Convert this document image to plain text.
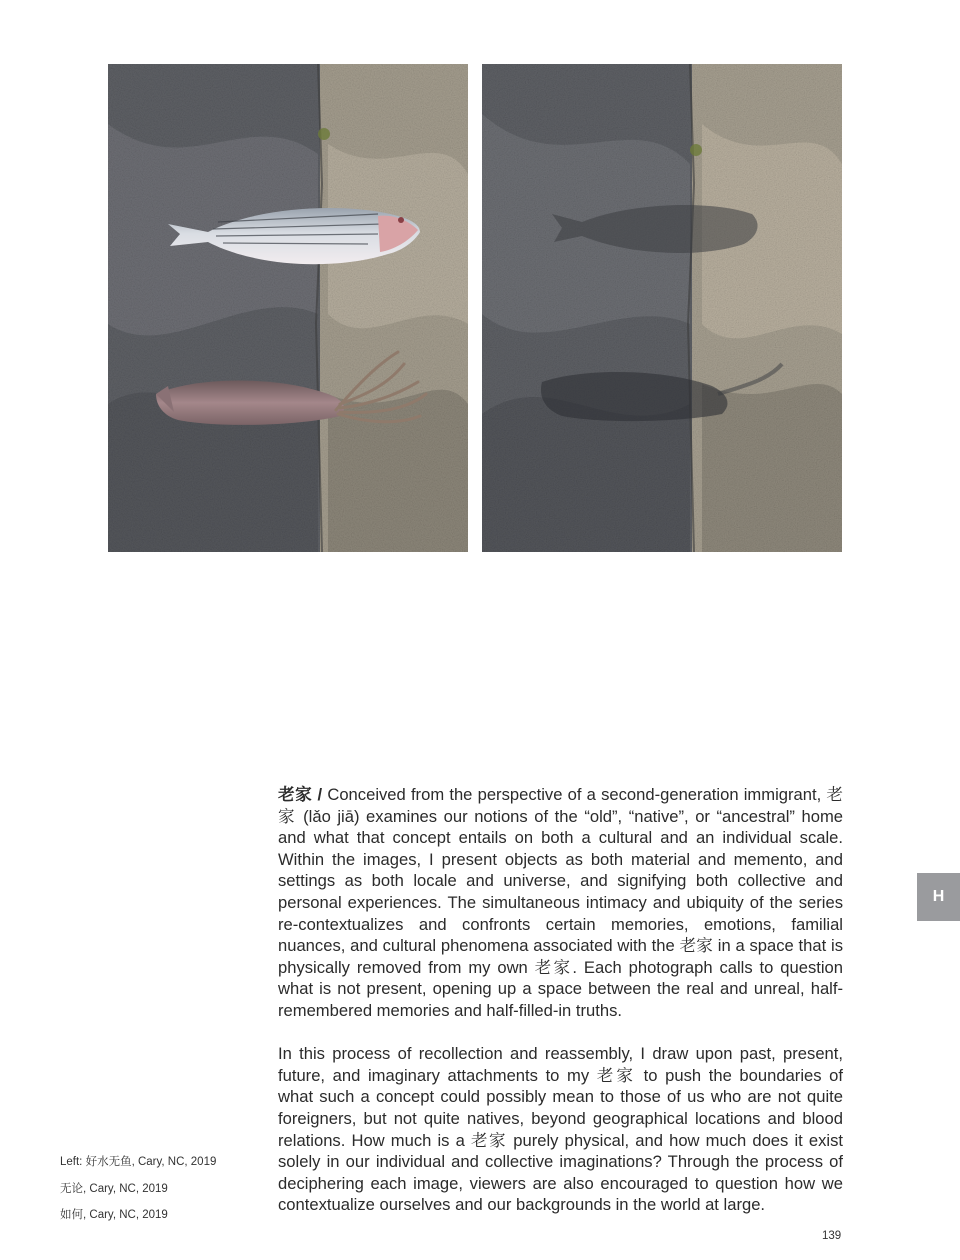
老家 / Conceived from the perspective of a second-generation immigrant, 老家 (lǎo jiā) examines our notions of the “old”, “native”, or “ancestral” home and what that concept entails on both a cultural and an individual scale. Within the images, I present objects as both material and memento, and settings as both locale and universe, and signifying both collective and personal experiences. The simultaneous intimacy and ubiquity of the series re-contextualizes and confronts certain memories, emotions, familial nuances, and cultural phenomena associated with the 老家 in a space that is physically removed from my own 老家. Each photograph calls to question what is not present, opening up a space between the real and unreal, half-remembered memories and half-filled-in truths.

In this process of recollection and reassembly, I draw upon past, present, future, and imaginary attachments to my 老家 to push the boundaries of what such a concept could possibly mean to those of us who are not quite foreigners, but not quite natives, beyond geographical locations and blood relations. How much is a 老家 purely physical, and how much does it exist solely in our individual and collective imaginations? Through the process of deciphering each image, viewers are also encouraged to question how we contextualize ourselves and our backgrounds in the world at large.

Left: 好水无鱼, Cary, NC, 2019
无论, Cary, NC, 2019
如何, Cary, NC, 2019
H
139
